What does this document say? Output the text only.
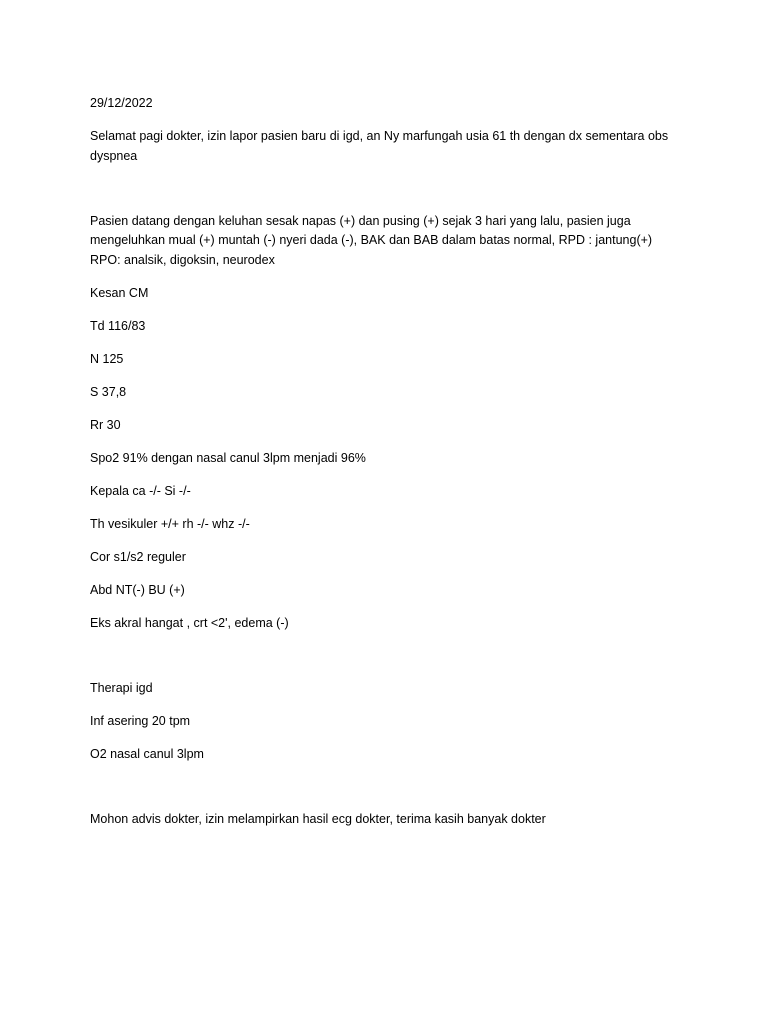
29/12/2022

Selamat pagi dokter, izin lapor pasien baru di igd, an Ny marfungah usia 61 th dengan dx sementara obs dyspnea

Pasien datang dengan keluhan sesak napas (+) dan pusing (+) sejak 3 hari yang lalu, pasien juga
mengeluhkan mual (+) muntah (-) nyeri dada (-), BAK dan BAB dalam batas normal, RPD : jantung(+)
RPO: analsik, digoksin, neurodex

Kesan CM

Td 116/83

N 125

S 37,8

Rr 30

Spo2 91% dengan nasal canul 3lpm menjadi 96%

Kepala ca -/- Si -/-

Th vesikuler +/+ rh -/- whz -/-

Cor s1/s2 reguler

Abd NT(-) BU (+)

Eks akral hangat , crt <2', edema (-)

Therapi igd

Inf asering 20 tpm

O2 nasal canul 3lpm

Mohon advis dokter, izin melampirkan hasil ecg dokter, terima kasih banyak dokter
